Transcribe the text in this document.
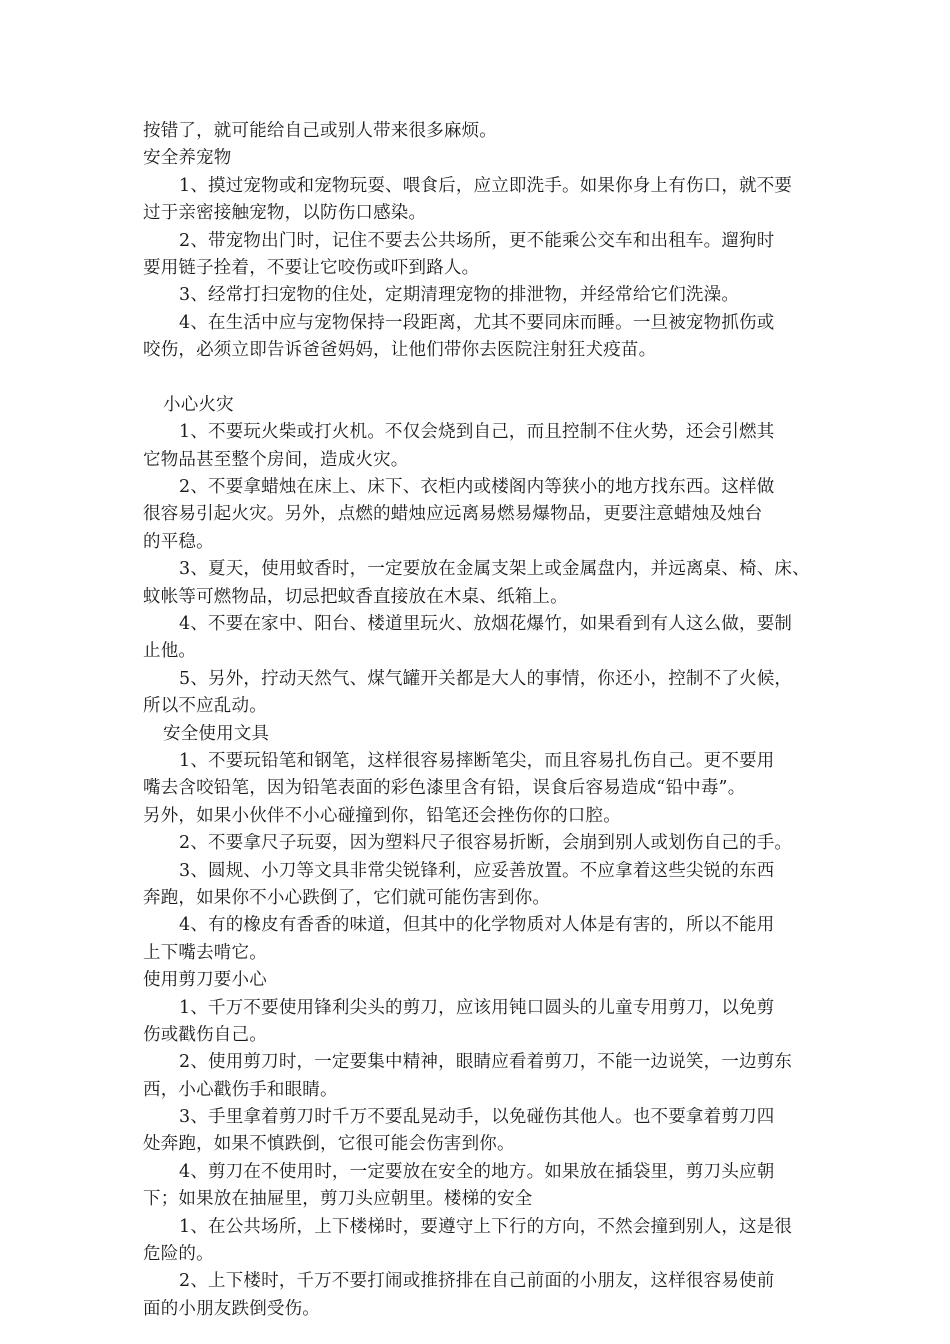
按错了，就可能给自己或别人带来很多麻烦。
安全养宠物
1、摸过宠物或和宠物玩耍、喂食后，应立即洗手。如果你身上有伤口，就不要
过于亲密接触宠物，以防伤口感染。
2、带宠物出门时，记住不要去公共场所，更不能乘公交车和出租车。遛狗时
要用链子拴着，不要让它咬伤或吓到路人。
3、经常打扫宠物的住处，定期清理宠物的排泄物，并经常给它们洗澡。
4、在生活中应与宠物保持一段距离，尤其不要同床而睡。一旦被宠物抓伤或
咬伤，必须立即告诉爸爸妈妈，让他们带你去医院注射狂犬疫苗。
小心火灾
1、不要玩火柴或打火机。不仅会烧到自己，而且控制不住火势，还会引燃其
它物品甚至整个房间，造成火灾。
2、不要拿蜡烛在床上、床下、衣柜内或楼阁内等狭小的地方找东西。这样做
很容易引起火灾。另外，点燃的蜡烛应远离易燃易爆物品，更要注意蜡烛及烛台
的平稳。
3、夏天，使用蚊香时，一定要放在金属支架上或金属盘内，并远离桌、椅、床、
蚊帐等可燃物品，切忌把蚊香直接放在木桌、纸箱上。
4、不要在家中、阳台、楼道里玩火、放烟花爆竹，如果看到有人这么做，要制
止他。
5、另外，拧动天然气、煤气罐开关都是大人的事情，你还小，控制不了火候，
所以不应乱动。
安全使用文具
1、不要玩铅笔和钢笔，这样很容易摔断笔尖，而且容易扎伤自己。更不要用
嘴去含咬铅笔，因为铅笔表面的彩色漆里含有铅，误食后容易造成“铅中毒”。
另外，如果小伙伴不小心碰撞到你，铅笔还会挫伤你的口腔。
2、不要拿尺子玩耍，因为塑料尺子很容易折断，会崩到别人或划伤自己的手。
3、圆规、小刀等文具非常尖锐锋利，应妥善放置。不应拿着这些尖锐的东西
奔跑，如果你不小心跌倒了，它们就可能伤害到你。
4、有的橡皮有香香的味道，但其中的化学物质对人体是有害的，所以不能用
上下嘴去啃它。
使用剪刀要小心
1、千万不要使用锋利尖头的剪刀，应该用钝口圆头的儿童专用剪刀，以免剪
伤或戳伤自己。
2、使用剪刀时，一定要集中精神，眼睛应看着剪刀，不能一边说笑，一边剪东
西，小心戳伤手和眼睛。
3、手里拿着剪刀时千万不要乱晃动手，以免碰伤其他人。也不要拿着剪刀四
处奔跑，如果不慎跌倒，它很可能会伤害到你。
4、剪刀在不使用时，一定要放在安全的地方。如果放在插袋里，剪刀头应朝
下；如果放在抽屉里，剪刀头应朝里。楼梯的安全
1、在公共场所，上下楼梯时，要遵守上下行的方向，不然会撞到别人，这是很
危险的。
2、上下楼时，千万不要打闹或推挤排在自己前面的小朋友，这样很容易使前
面的小朋友跌倒受伤。
